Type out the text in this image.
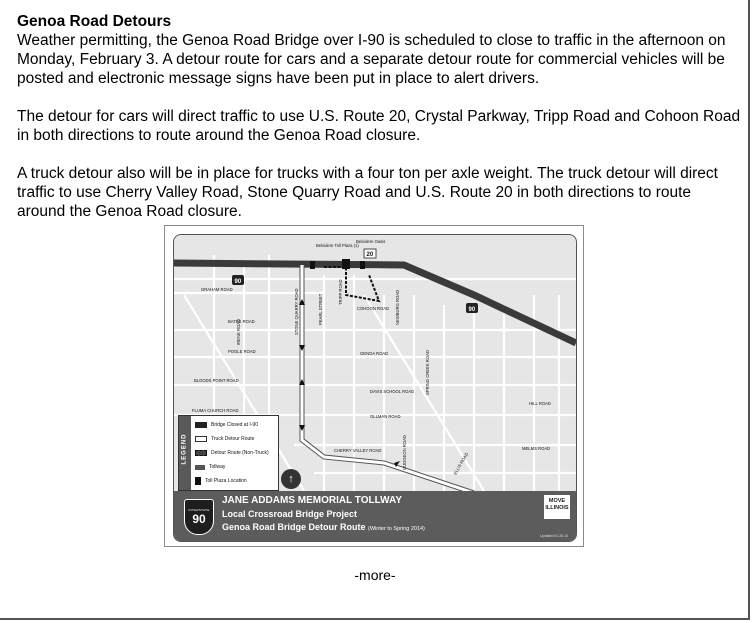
Genoa Road Detours

Weather permitting, the Genoa Road Bridge over I-90 is scheduled to close to traffic in the afternoon on Monday, February 3. A detour route for cars and a separate detour route for commercial vehicles will be posted and electronic message signs have been put in place to alert drivers.

The detour for cars will direct traffic to use U.S. Route 20, Crystal Parkway, Tripp Road and Cohoon Road in both directions to route around the Genoa Road closure.

A truck detour also will be in place for trucks with a four ton per axle weight. The truck detour will direct traffic to use Cherry Valley Road, Stone Quarry Road and U.S. Route 20 in both directions to route around the Genoa Road closure.

90
90
20
GRAHAM ROAD
COHOON ROAD
GENOA ROAD
BATES ROAD
POOLE ROAD
BLOODS POINT ROAD
FLUMA CHURCH ROAD
DAVIS SCHOOL ROAD
OLLMAN ROAD
CHERRY VALLEY ROAD
HILL ROAD
MELMS ROAD
Belvidere Toll Plaza (1)
Belvidere Oasis
IRENE ROAD	STONE QUARRY ROAD	PEARL STREET
TRIPP ROAD	NEWBURG ROAD
SPRING CREEK ROAD
GUDGEON ROAD	ELLIS ROAD
LEGEND
Bridge Closed at I-90
Truck Detour Route
Detour Route (Non-Truck)
Tollway
Toll Plaza Location	↑
INTERSTATE
90
JANE ADDAMS MEMORIAL TOLLWAY
Local Crossroad Bridge Project
Genoa Road Bridge Detour Route (Winter to Spring 2014)
MOVE
ILLINOIS
Updated 01.26.14
-more-
